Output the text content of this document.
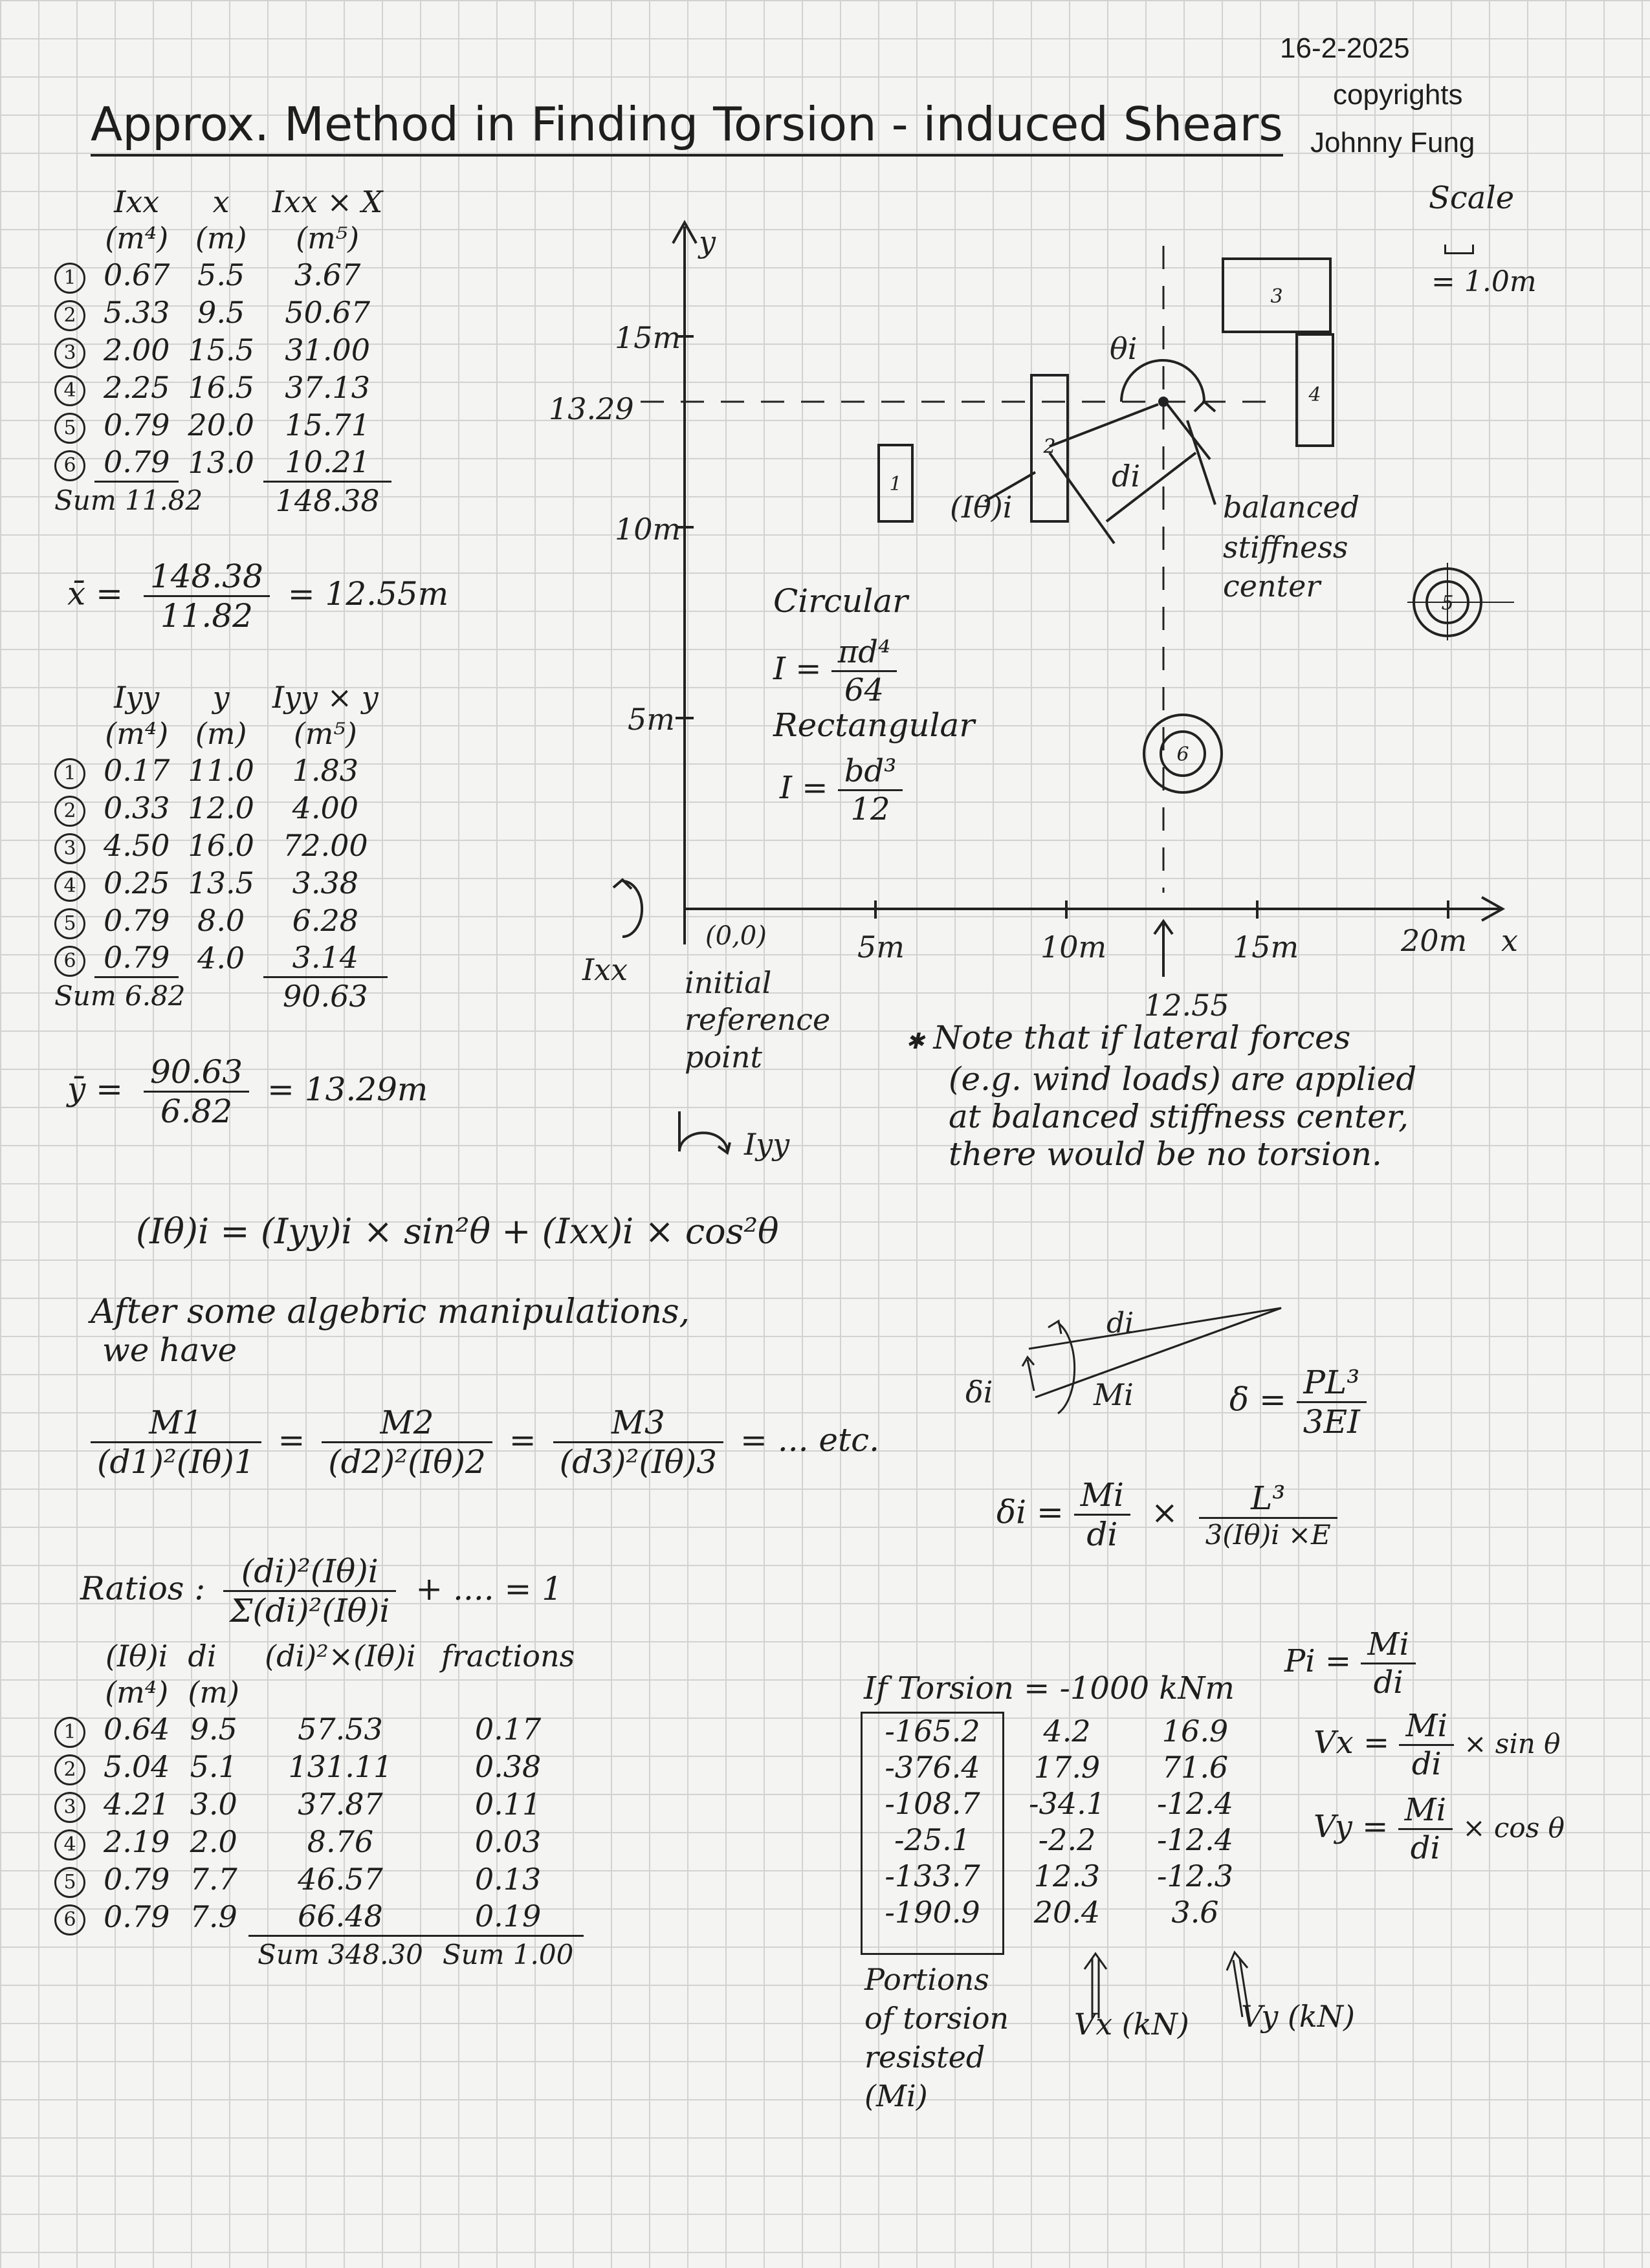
16-2-2025
copyrights
Johnny Fung
Approx. Method in Finding Torsion - induced Shears
Scale
= 1.0m
	Ixx	x	Ixx × X
	(m⁴)	(m)	(m⁵)
1	0.67	5.5	3.67
2	5.33	9.5	50.67
3	2.00	15.5	31.00
4	2.25	16.5	37.13
5	0.79	20.0	15.71
6	0.79	13.0	10.21
Sum 11.82			148.38
x̄ = $\frac{148.38}{11.82} = 12.55m$
	Iyy	y	Iyy × y
	(m⁴)	(m)	(m⁵)
1	0.17	11.0	1.83
2	0.33	12.0	4.00
3	4.50	16.0	72.00
4	0.25	13.5	3.38
5	0.79	8.0	6.28
6	0.79	4.0	3.14
Sum 6.82			90.63
ȳ = $\frac{90.63}{6.82} = 13.29m$
y
x
15m
10m
5m
5m	10m	15m	20m
13.29
12.55
(0,0)
initial
reference
point
Ixx
Iyy
θi
di
(Iθ)i	balanced
stiffness
center
1
2
3
4
5
6
Circular
$I = \frac{\text{πd⁴}}{64}$
Rectangular
$I = \frac{\text{bd³}}{12}$
✱ Note that if lateral forces
(e.g. wind loads) are applied
at balanced stiffness center,
there would be no torsion.
(Iθ)i = (Iyy)i × sin²θ + (Ixx)i × cos²θ
After some algebric manipulations,
we have
$\frac{M1}{\text{(d1)²(Iθ)1}} = \frac{M2}{\text{(d2)²(Iθ)2}} = \frac{M3}{\text{(d3)²(Iθ)3}}$ = ... etc.
di
δi	Mi	$\delta = \frac{\text{PL³}}{3EI}$
$\delta i = \frac{Mi}{di} \times \frac{\text{L³}}{3(I\theta)i \times E}$
Ratios : $\frac{\text{(di)²(Iθ)i}}{\text{Σ(di)²(Iθ)i}}$ + .... = 1
	(Iθ)i	di	(di)²×(Iθ)i	fractions
	(m⁴)	(m)		
1	0.64	9.5	57.53	0.17
2	5.04	5.1	131.11	0.38
3	4.21	3.0	37.87	0.11
4	2.19	2.0	8.76	0.03
5	0.79	7.7	46.57	0.13
6	0.79	7.9	66.48	0.19
			Sum 348.30	Sum 1.00
If Torsion = -1000 kNm
-165.2	4.2	16.9
-376.4	17.9	71.6
-108.7	-34.1	-12.4
-25.1	-2.2	-12.4
-133.7	12.3	-12.3
-190.9	20.4	3.6
Portions
of torsion
resisted
(Mi)
Vx (kN) Vy (kN)
$Pi = \frac{Mi}{di}$
$Vx = \frac{Mi}{di} \times \sin \theta$
$Vy = \frac{Mi}{di} \times \cos \theta$
